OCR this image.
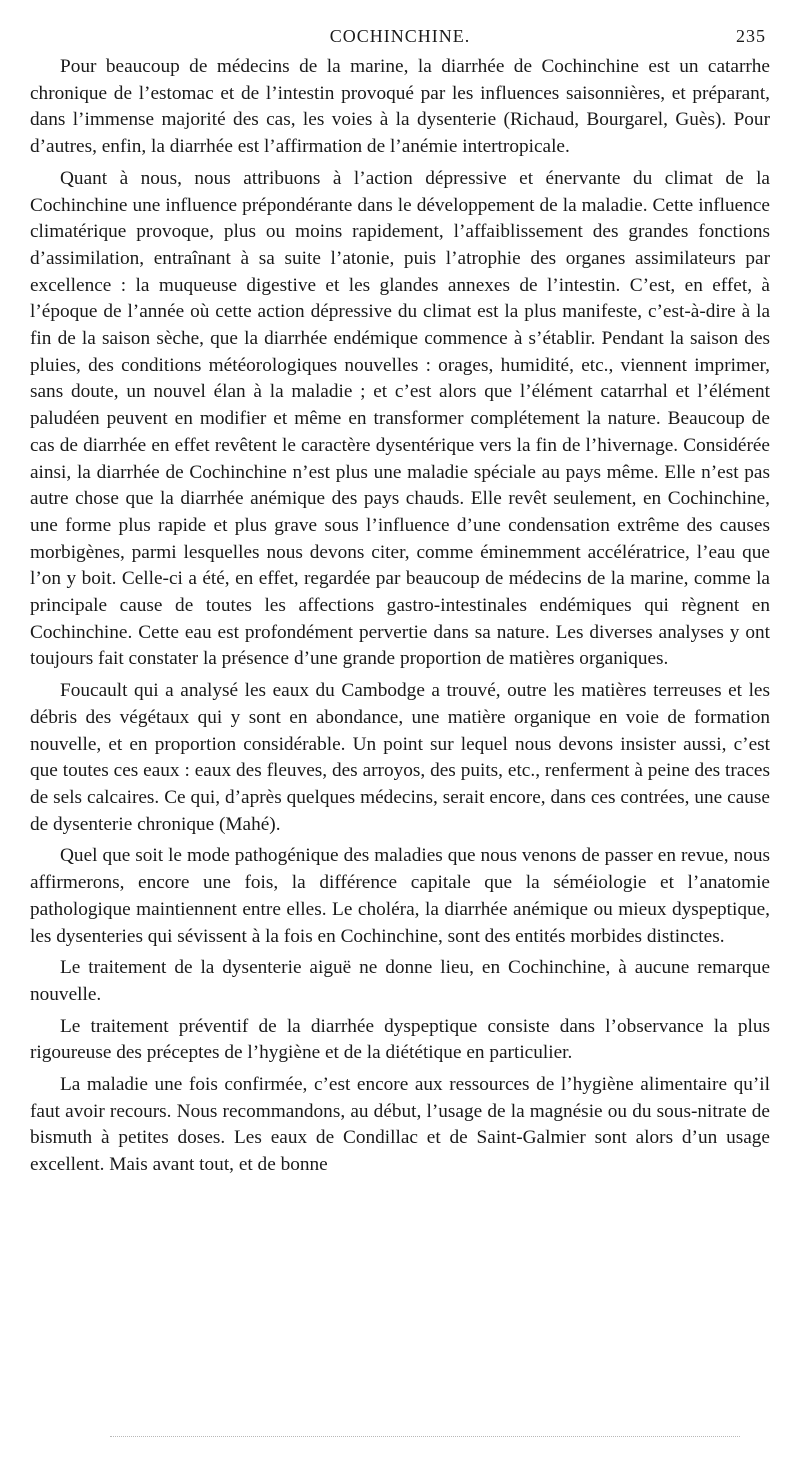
COCHINCHINE.	235

Pour beaucoup de médecins de la marine, la diarrhée de Cochinchine est un catarrhe chronique de l’estomac et de l’intestin provoqué par les influences saisonnières, et préparant, dans l’immense majorité des cas, les voies à la dysenterie (Richaud, Bourgarel, Guès). Pour d’autres, enfin, la diarrhée est l’affirmation de l’anémie intertropicale.

Quant à nous, nous attribuons à l’action dépressive et énervante du climat de la Cochinchine une influence prépondérante dans le développement de la maladie. Cette influence climatérique provoque, plus ou moins rapidement, l’affaiblissement des grandes fonctions d’assimilation, entraînant à sa suite l’atonie, puis l’atrophie des organes assimilateurs par excellence : la muqueuse digestive et les glandes annexes de l’intestin. C’est, en effet, à l’époque de l’année où cette action dépressive du climat est la plus manifeste, c’est-à-dire à la fin de la saison sèche, que la diarrhée endémique commence à s’établir. Pendant la saison des pluies, des conditions météorologiques nouvelles : orages, humidité, etc., viennent imprimer, sans doute, un nouvel élan à la maladie ; et c’est alors que l’élément catarrhal et l’élément paludéen peuvent en modifier et même en transformer complétement la nature. Beaucoup de cas de diarrhée en effet revêtent le caractère dysentérique vers la fin de l’hivernage. Considérée ainsi, la diarrhée de Cochinchine n’est plus une maladie spéciale au pays même. Elle n’est pas autre chose que la diarrhée anémique des pays chauds. Elle revêt seulement, en Cochinchine, une forme plus rapide et plus grave sous l’influence d’une condensation extrême des causes morbigènes, parmi lesquelles nous devons citer, comme éminemment accélératrice, l’eau que l’on y boit. Celle-ci a été, en effet, regardée par beaucoup de médecins de la marine, comme la principale cause de toutes les affections gastro-intestinales endémiques qui règnent en Cochinchine. Cette eau est profondément pervertie dans sa nature. Les diverses analyses y ont toujours fait constater la présence d’une grande proportion de matières organiques.

Foucault qui a analysé les eaux du Cambodge a trouvé, outre les matières terreuses et les débris des végétaux qui y sont en abondance, une matière organique en voie de formation nouvelle, et en proportion considérable. Un point sur lequel nous devons insister aussi, c’est que toutes ces eaux : eaux des fleuves, des arroyos, des puits, etc., renferment à peine des traces de sels calcaires. Ce qui, d’après quelques médecins, serait encore, dans ces contrées, une cause de dysenterie chronique (Mahé).

Quel que soit le mode pathogénique des maladies que nous venons de passer en revue, nous affirmerons, encore une fois, la différence capitale que la séméiologie et l’anatomie pathologique maintiennent entre elles. Le choléra, la diarrhée anémique ou mieux dyspeptique, les dysenteries qui sévissent à la fois en Cochinchine, sont des entités morbides distinctes.

Le traitement de la dysenterie aiguë ne donne lieu, en Cochinchine, à aucune remarque nouvelle.

Le traitement préventif de la diarrhée dyspeptique consiste dans l’observance la plus rigoureuse des préceptes de l’hygiène et de la diététique en particulier.

La maladie une fois confirmée, c’est encore aux ressources de l’hygiène alimentaire qu’il faut avoir recours. Nous recommandons, au début, l’usage de la magnésie ou du sous-nitrate de bismuth à petites doses. Les eaux de Condillac et de Saint-Galmier sont alors d’un usage excellent. Mais avant tout, et de bonne
